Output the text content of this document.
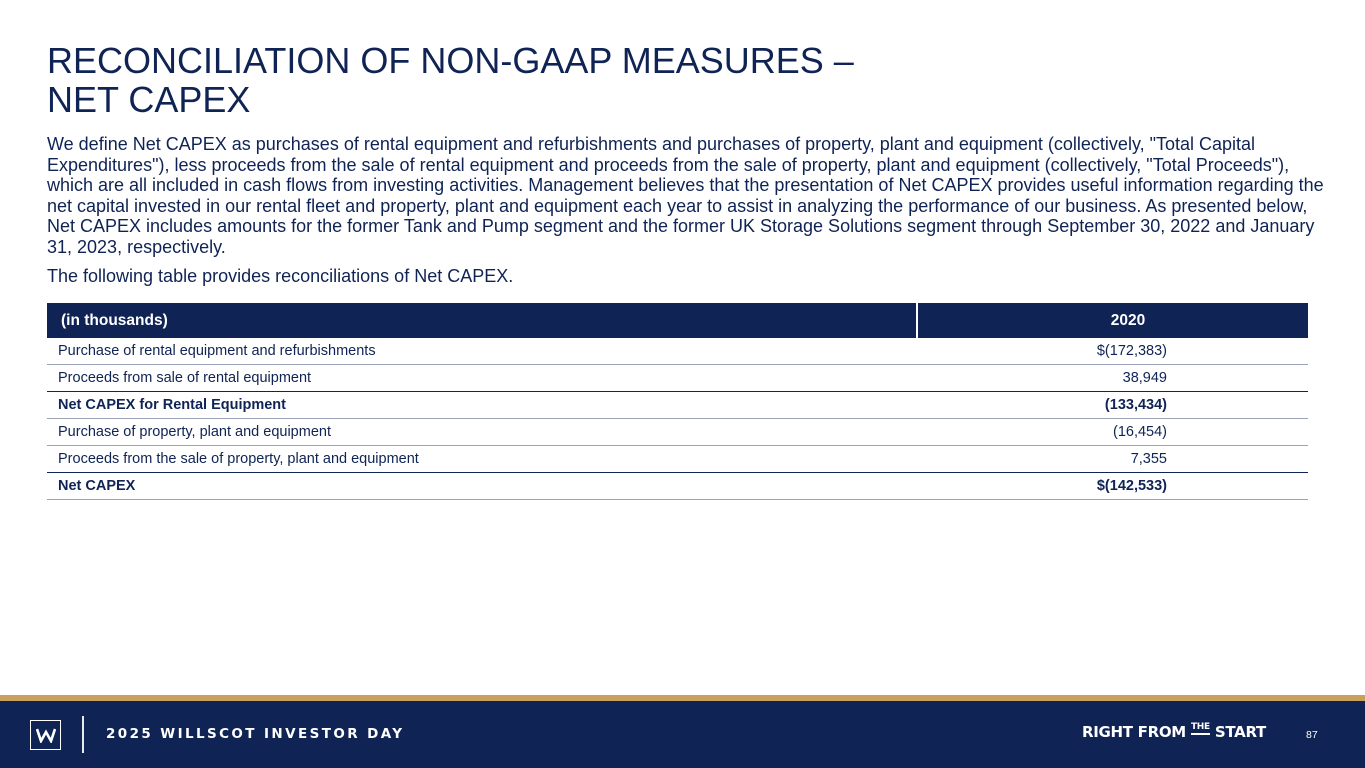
RECONCILIATION OF NON-GAAP MEASURES –
NET CAPEX

We define Net CAPEX as purchases of rental equipment and refurbishments and purchases of property, plant and equipment (collectively, "Total Capital Expenditures"), less proceeds from the sale of rental equipment and proceeds from the sale of property, plant and equipment (collectively, "Total Proceeds"), which are all included in cash flows from investing activities. Management believes that the presentation of Net CAPEX provides useful information regarding the net capital invested in our rental fleet and property, plant and equipment each year to assist in analyzing the performance of our business. As presented below, Net CAPEX includes amounts for the former Tank and Pump segment and the former UK Storage Solutions segment through September 30, 2022 and January 31, 2023, respectively.

The following table provides reconciliations of Net CAPEX.

(in thousands)	2020
Purchase of rental equipment and refurbishments	$(172,383)
Proceeds from sale of rental equipment	38,949
Net CAPEX for Rental Equipment	(133,434)
Purchase of property, plant and equipment	(16,454)
Proceeds from the sale of property, plant and equipment	7,355
Net CAPEX	$(142,533)
2025 WILLSCOT INVESTOR DAY	RIGHT FROM THE START	87
